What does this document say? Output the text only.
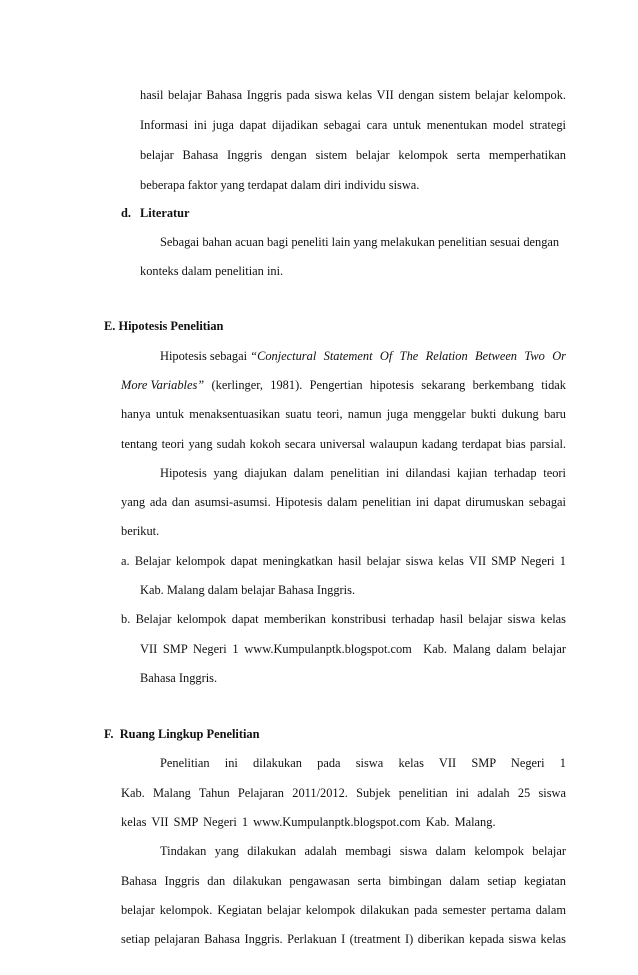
hasil belajar Bahasa Inggris pada siswa kelas VII dengan sistem belajar kelompok.
Informasi ini juga dapat dijadikan sebagai cara untuk menentukan model strategi
belajar Bahasa Inggris dengan sistem belajar kelompok serta memperhatikan
beberapa faktor yang terdapat dalam diri individu siswa.
d. Literatur
Sebagai bahan acuan bagi peneliti lain yang melakukan penelitian sesuai dengan
konteks dalam penelitian ini.
E. Hipotesis Penelitian
Hipotesis sebagai “Conjectural Statement Of The Relation Between Two Or
More Variables” (kerlinger, 1981). Pengertian hipotesis sekarang berkembang tidak
hanya untuk menaksentuasikan suatu teori, namun juga menggelar bukti dukung baru
tentang teori yang sudah kokoh secara universal walaupun kadang terdapat bias parsial.
Hipotesis yang diajukan dalam penelitian ini dilandasi kajian terhadap teori
yang ada dan asumsi-asumsi. Hipotesis dalam penelitian ini dapat dirumuskan sebagai
berikut.
a. Belajar kelompok dapat meningkatkan hasil belajar siswa kelas VII SMP Negeri 1
Kab. Malang dalam belajar Bahasa Inggris.
b. Belajar kelompok dapat memberikan konstribusi terhadap hasil belajar siswa kelas
VII SMP Negeri 1 www.Kumpulanptk.blogspot.com  Kab. Malang dalam belajar
Bahasa Inggris.
F.  Ruang Lingkup Penelitian
Penelitian ini dilakukan pada siswa kelas VII SMP Negeri 1
Kab. Malang Tahun Pelajaran 2011/2012. Subjek penelitian ini adalah 25 siswa
kelas VII SMP Negeri 1 www.Kumpulanptk.blogspot.com Kab. Malang.
Tindakan yang dilakukan adalah membagi siswa dalam kelompok belajar
Bahasa Inggris dan dilakukan pengawasan serta bimbingan dalam setiap kegiatan
belajar kelompok. Kegiatan belajar kelompok dilakukan pada semester pertama dalam
setiap pelajaran Bahasa Inggris. Perlakuan I (treatment I) diberikan kepada siswa kelas
